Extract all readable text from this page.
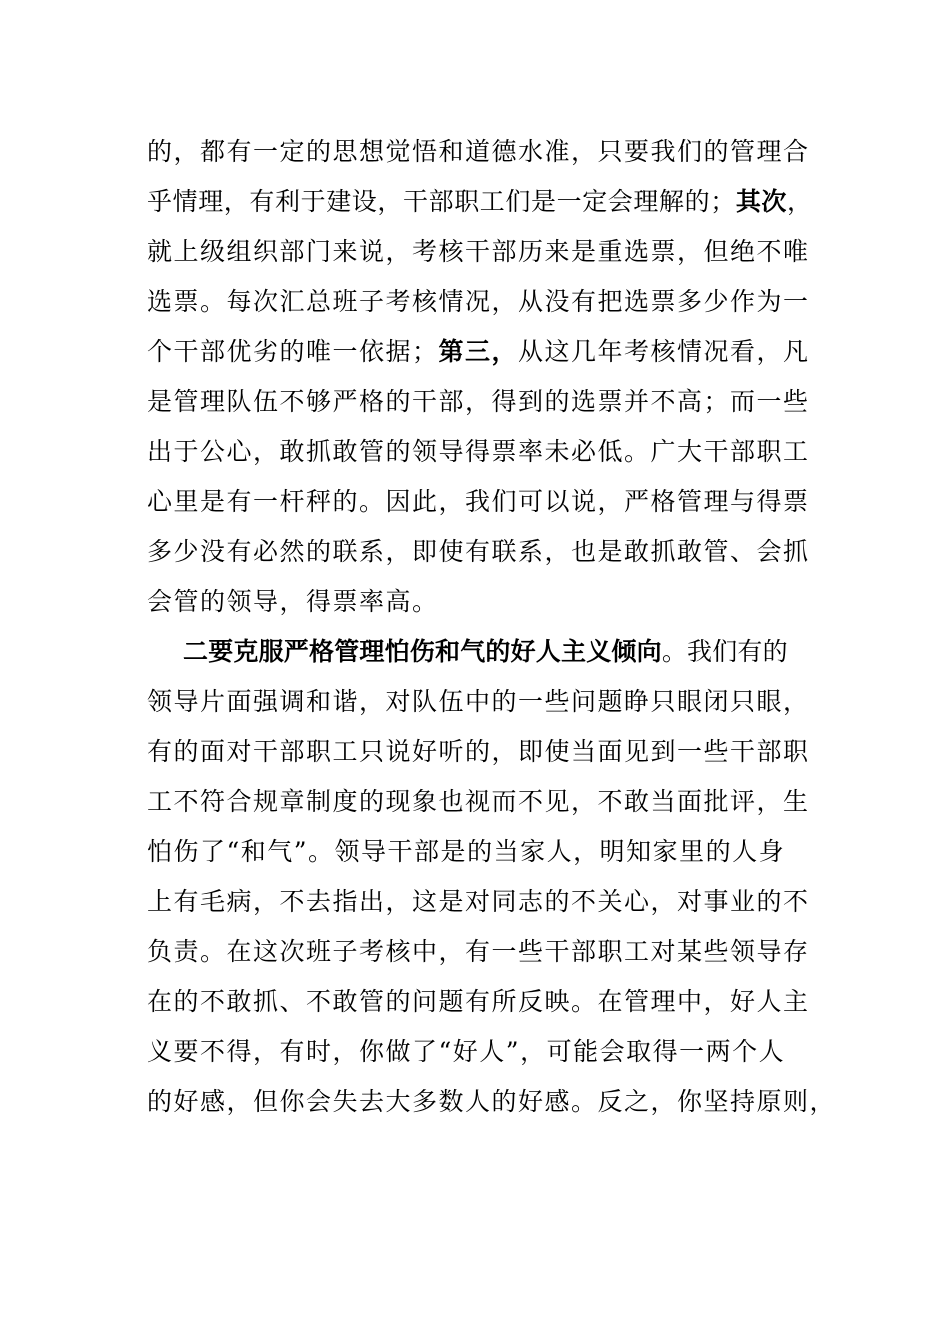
的，都有一定的思想觉悟和道德水准，只要我们的管理合
乎情理，有利于建设，干部职工们是一定会理解的；其次，
就上级组织部门来说，考核干部历来是重选票，但绝不唯
选票。每次汇总班子考核情况，从没有把选票多少作为一
个干部优劣的唯一依据；第三，从这几年考核情况看，凡
是管理队伍不够严格的干部，得到的选票并不高；而一些
出于公心，敢抓敢管的领导得票率未必低。广大干部职工
心里是有一杆秤的。因此，我们可以说，严格管理与得票
多少没有必然的联系，即使有联系，也是敢抓敢管、会抓
会管的领导，得票率高。
二要克服严格管理怕伤和气的好人主义倾向。我们有的
领导片面强调和谐，对队伍中的一些问题睁只眼闭只眼，
有的面对干部职工只说好听的，即使当面见到一些干部职
工不符合规章制度的现象也视而不见，不敢当面批评，生
怕伤了“和气”。领导干部是的当家人，明知家里的人身
上有毛病，不去指出，这是对同志的不关心，对事业的不
负责。在这次班子考核中，有一些干部职工对某些领导存
在的不敢抓、不敢管的问题有所反映。在管理中，好人主
义要不得，有时，你做了“好人”，可能会取得一两个人
的好感，但你会失去大多数人的好感。反之，你坚持原则，
